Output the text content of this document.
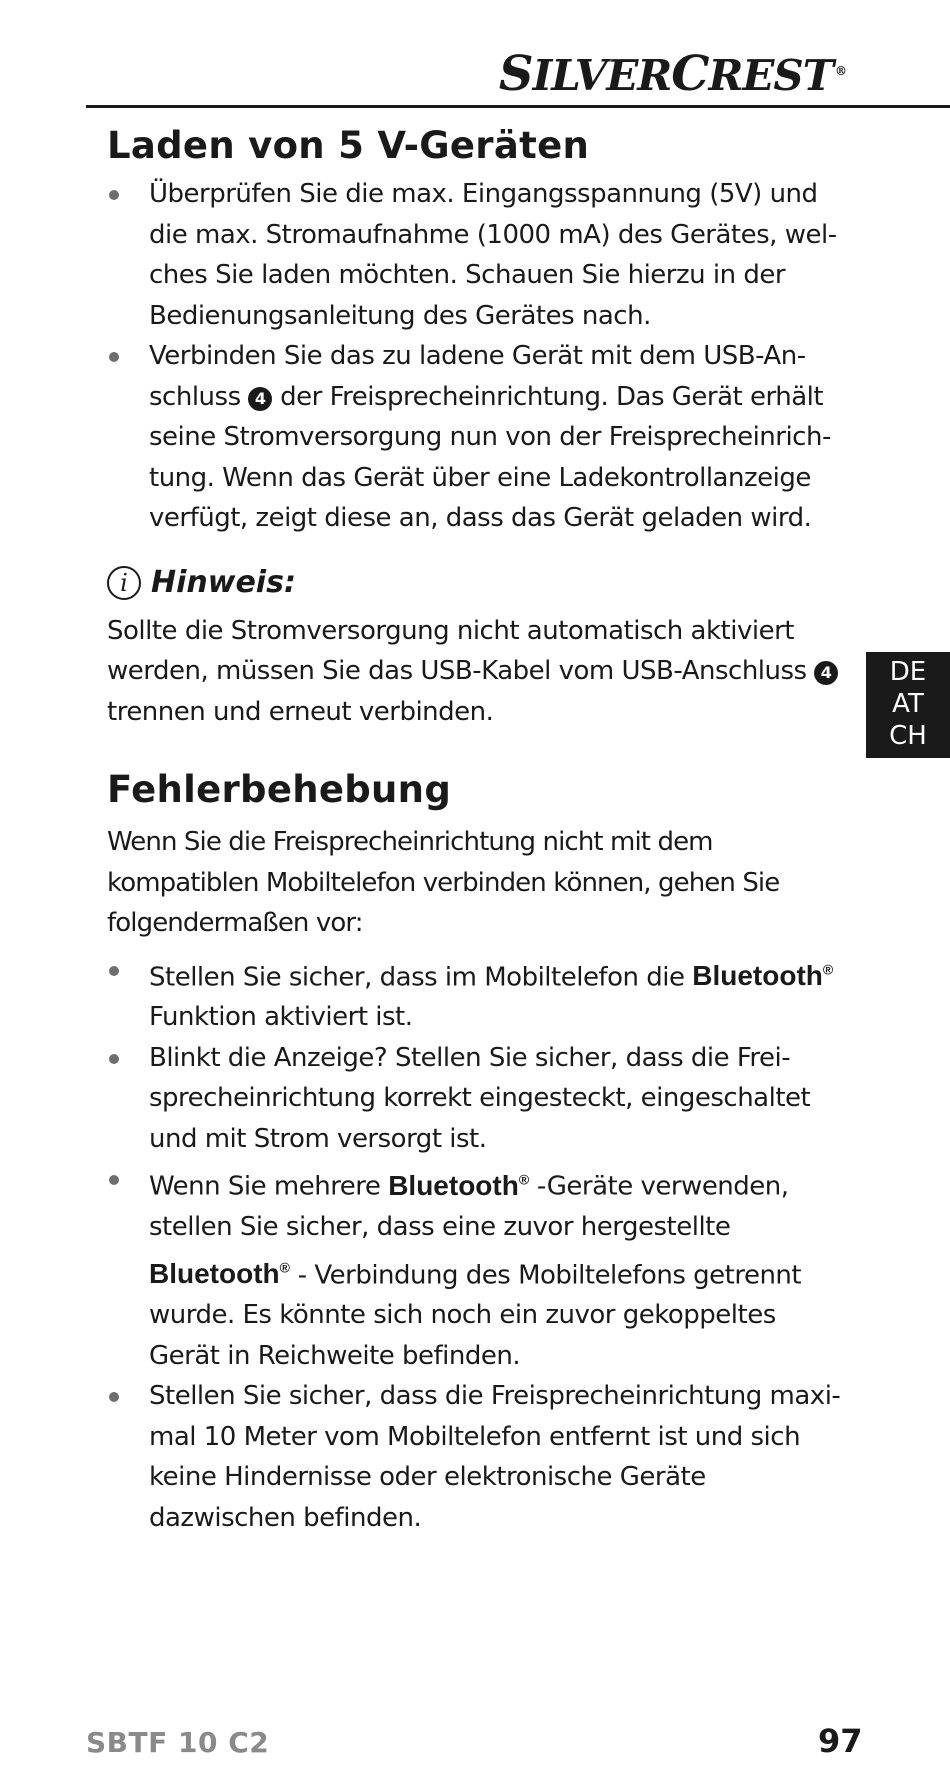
SILVERCREST ®
Laden von 5 V-Geräten
Überprüfen Sie die max. Eingangsspannung (5V) und die max. Stromaufnahme (1000 mA) des Gerätes, welches Sie laden möchten. Schauen Sie hierzu in der Bedienungsanleitung des Gerätes nach.
Verbinden Sie das zu ladene Gerät mit dem USB-Anschluss 4 der Freisprecheinrichtung. Das Gerät erhält seine Stromversorgung nun von der Freisprecheinrichtung. Wenn das Gerät über eine Ladekontrollanzeige verfügt, zeigt diese an, dass das Gerät geladen wird.
i Hinweis:

Sollte die Stromversorgung nicht automatisch aktiviert werden, müssen Sie das USB-Kabel vom USB-Anschluss 4 trennen und erneut verbinden.

Fehlerbehebung

Wenn Sie die Freisprecheinrichtung nicht mit dem kompatiblen Mobiltelefon verbinden können, gehen Sie folgendermaßen vor:

Stellen Sie sicher, dass im Mobiltelefon die Bluetooth® Funktion aktiviert ist.
Blinkt die Anzeige? Stellen Sie sicher, dass die Freisprecheinrichtung korrekt eingesteckt, eingeschaltet und mit Strom versorgt ist.
Wenn Sie mehrere Bluetooth® -Geräte verwenden, stellen Sie sicher, dass eine zuvor hergestellte Bluetooth® - Verbindung des Mobiltelefons getrennt wurde. Es könnte sich noch ein zuvor gekoppeltes Gerät in Reichweite befinden.
Stellen Sie sicher, dass die Freisprecheinrichtung maximal 10 Meter vom Mobiltelefon entfernt ist und sich keine Hindernisse oder elektronische Geräte dazwischen befinden.
DE
AT
CH
SBTF 10 C2	97
